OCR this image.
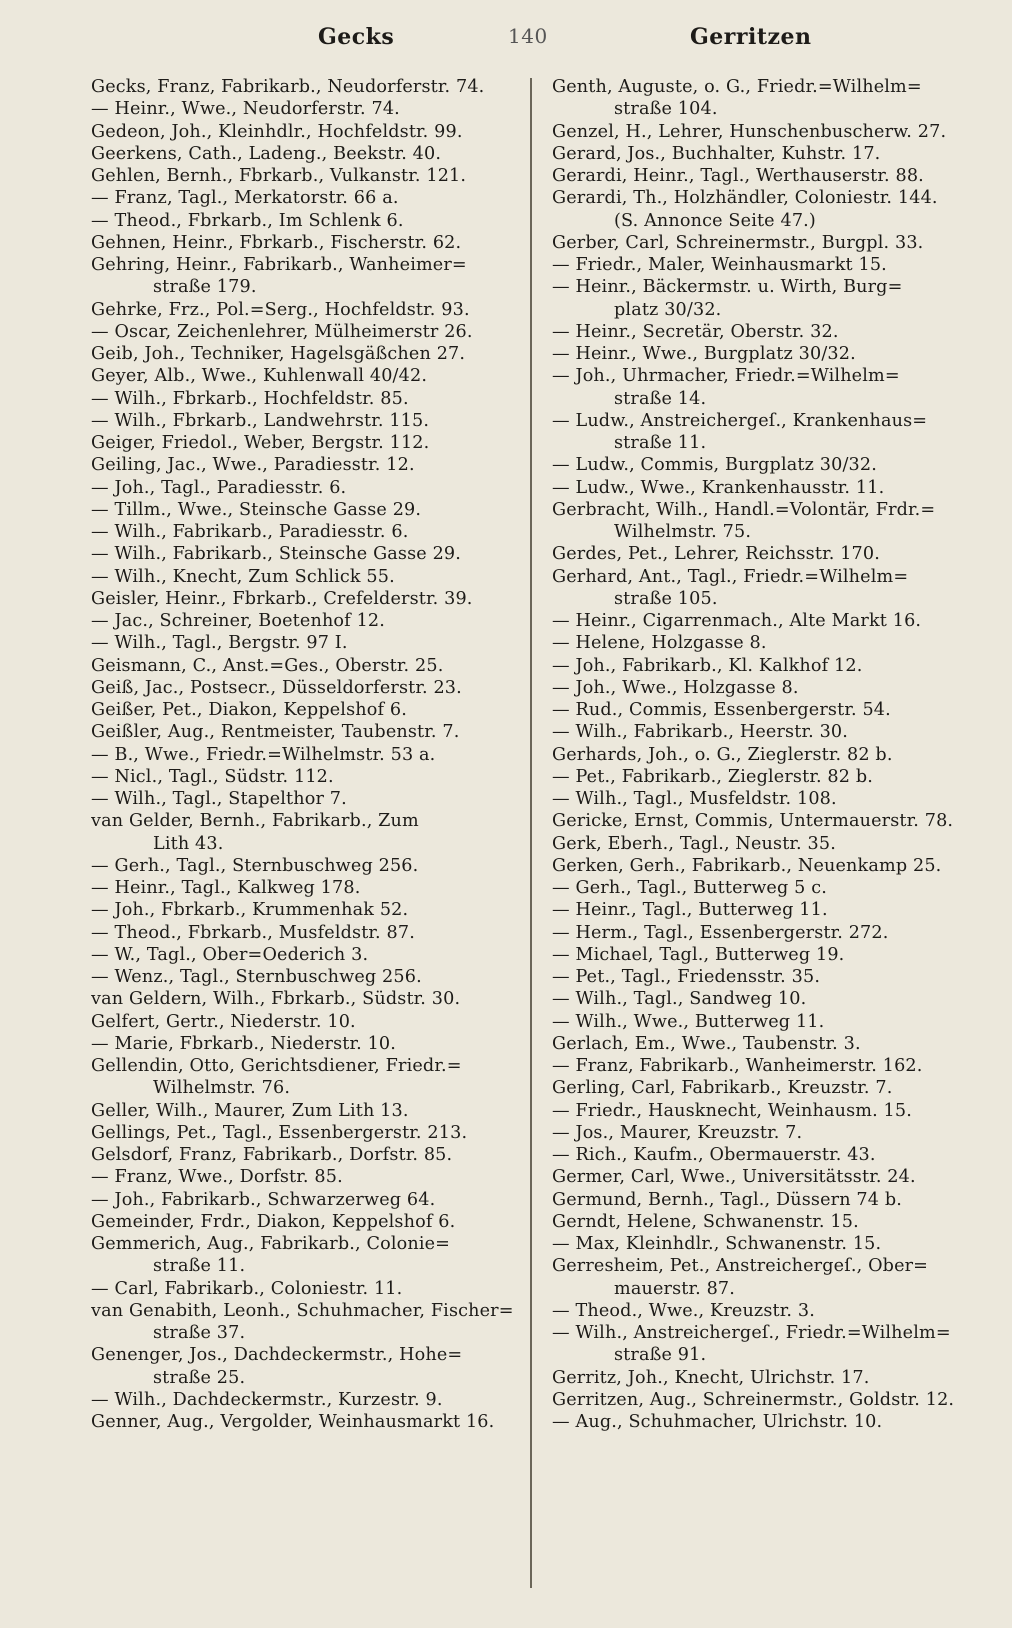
Gecks	140	Gerritzen
Gecks, Franz, Fabrikarb., Neudorferstr. 74.
— Heinr., Wwe., Neudorferstr. 74.
Gedeon, Joh., Kleinhdlr., Hochfeldstr. 99.
Geerkens, Cath., Ladeng., Beekstr. 40.
Gehlen, Bernh., Fbrkarb., Vulkanstr. 121.
— Franz, Tagl., Merkatorstr. 66 a.
— Theod., Fbrkarb., Im Schlenk 6.
Gehnen, Heinr., Fbrkarb., Fischerstr. 62.
Gehring, Heinr., Fabrikarb., Wanheimer=
straße 179.
Gehrke, Frz., Pol.=Serg., Hochfeldstr. 93.
— Oscar, Zeichenlehrer, Mülheimerstr 26.
Geib, Joh., Techniker, Hagelsgäßchen 27.
Geyer, Alb., Wwe., Kuhlenwall 40/42.
— Wilh., Fbrkarb., Hochfeldstr. 85.
— Wilh., Fbrkarb., Landwehrstr. 115.
Geiger, Friedol., Weber, Bergstr. 112.
Geiling, Jac., Wwe., Paradiesstr. 12.
— Joh., Tagl., Paradiesstr. 6.
— Tillm., Wwe., Steinsche Gasse 29.
— Wilh., Fabrikarb., Paradiesstr. 6.
— Wilh., Fabrikarb., Steinsche Gasse 29.
— Wilh., Knecht, Zum Schlick 55.
Geisler, Heinr., Fbrkarb., Crefelderstr. 39.
— Jac., Schreiner, Boetenhof 12.
— Wilh., Tagl., Bergstr. 97 I.
Geismann, C., Anst.=Ges., Oberstr. 25.
Geiß, Jac., Postsecr., Düsseldorferstr. 23.
Geißer, Pet., Diakon, Keppelshof 6.
Geißler, Aug., Rentmeister, Taubenstr. 7.
— B., Wwe., Friedr.=Wilhelmstr. 53 a.
— Nicl., Tagl., Südstr. 112.
— Wilh., Tagl., Stapelthor 7.
van Gelder, Bernh., Fabrikarb., Zum
Lith 43.
— Gerh., Tagl., Sternbuschweg 256.
— Heinr., Tagl., Kalkweg 178.
— Joh., Fbrkarb., Krummenhak 52.
— Theod., Fbrkarb., Musfeldstr. 87.
— W., Tagl., Ober=Oederich 3.
— Wenz., Tagl., Sternbuschweg 256.
van Geldern, Wilh., Fbrkarb., Südstr. 30.
Gelfert, Gertr., Niederstr. 10.
— Marie, Fbrkarb., Niederstr. 10.
Gellendin, Otto, Gerichtsdiener, Friedr.=
Wilhelmstr. 76.
Geller, Wilh., Maurer, Zum Lith 13.
Gellings, Pet., Tagl., Essenbergerstr. 213.
Gelsdorf, Franz, Fabrikarb., Dorfstr. 85.
— Franz, Wwe., Dorfstr. 85.
— Joh., Fabrikarb., Schwarzerweg 64.
Gemeinder, Frdr., Diakon, Keppelshof 6.
Gemmerich, Aug., Fabrikarb., Colonie=
straße 11.
— Carl, Fabrikarb., Coloniestr. 11.
van Genabith, Leonh., Schuhmacher, Fischer=
straße 37.
Genenger, Jos., Dachdeckermstr., Hohe=
straße 25.
— Wilh., Dachdeckermstr., Kurzestr. 9.
Genner, Aug., Vergolder, Weinhausmarkt 16.
Genth, Auguste, o. G., Friedr.=Wilhelm=
straße 104.
Genzel, H., Lehrer, Hunschenbuscherw. 27.
Gerard, Jos., Buchhalter, Kuhstr. 17.
Gerardi, Heinr., Tagl., Werthauserstr. 88.
Gerardi, Th., Holzhändler, Coloniestr. 144.
(S. Annonce Seite 47.)
Gerber, Carl, Schreinermstr., Burgpl. 33.
— Friedr., Maler, Weinhausmarkt 15.
— Heinr., Bäckermstr. u. Wirth, Burg=
platz 30/32.
— Heinr., Secretär, Oberstr. 32.
— Heinr., Wwe., Burgplatz 30/32.
— Joh., Uhrmacher, Friedr.=Wilhelm=
straße 14.
— Ludw., Anstreichergeſ., Krankenhaus=
straße 11.
— Ludw., Commis, Burgplatz 30/32.
— Ludw., Wwe., Krankenhausstr. 11.
Gerbracht, Wilh., Handl.=Volontär, Frdr.=
Wilhelmstr. 75.
Gerdes, Pet., Lehrer, Reichsstr. 170.
Gerhard, Ant., Tagl., Friedr.=Wilhelm=
straße 105.
— Heinr., Cigarrenmach., Alte Markt 16.
— Helene, Holzgasse 8.
— Joh., Fabrikarb., Kl. Kalkhof 12.
— Joh., Wwe., Holzgasse 8.
— Rud., Commis, Essenbergerstr. 54.
— Wilh., Fabrikarb., Heerstr. 30.
Gerhards, Joh., o. G., Zieglerstr. 82 b.
— Pet., Fabrikarb., Zieglerstr. 82 b.
— Wilh., Tagl., Musfeldstr. 108.
Gericke, Ernst, Commis, Untermauerstr. 78.
Gerk, Eberh., Tagl., Neustr. 35.
Gerken, Gerh., Fabrikarb., Neuenkamp 25.
— Gerh., Tagl., Butterweg 5 c.
— Heinr., Tagl., Butterweg 11.
— Herm., Tagl., Essenbergerstr. 272.
— Michael, Tagl., Butterweg 19.
— Pet., Tagl., Friedensstr. 35.
— Wilh., Tagl., Sandweg 10.
— Wilh., Wwe., Butterweg 11.
Gerlach, Em., Wwe., Taubenstr. 3.
— Franz, Fabrikarb., Wanheimerstr. 162.
Gerling, Carl, Fabrikarb., Kreuzstr. 7.
— Friedr., Hausknecht, Weinhausm. 15.
— Jos., Maurer, Kreuzstr. 7.
— Rich., Kaufm., Obermauerstr. 43.
Germer, Carl, Wwe., Universitätsstr. 24.
Germund, Bernh., Tagl., Düssern 74 b.
Gerndt, Helene, Schwanenstr. 15.
— Max, Kleinhdlr., Schwanenstr. 15.
Gerresheim, Pet., Anstreichergeſ., Ober=
mauerstr. 87.
— Theod., Wwe., Kreuzstr. 3.
— Wilh., Anstreichergeſ., Friedr.=Wilhelm=
straße 91.
Gerritz, Joh., Knecht, Ulrichstr. 17.
Gerritzen, Aug., Schreinermstr., Goldstr. 12.
— Aug., Schuhmacher, Ulrichstr. 10.
